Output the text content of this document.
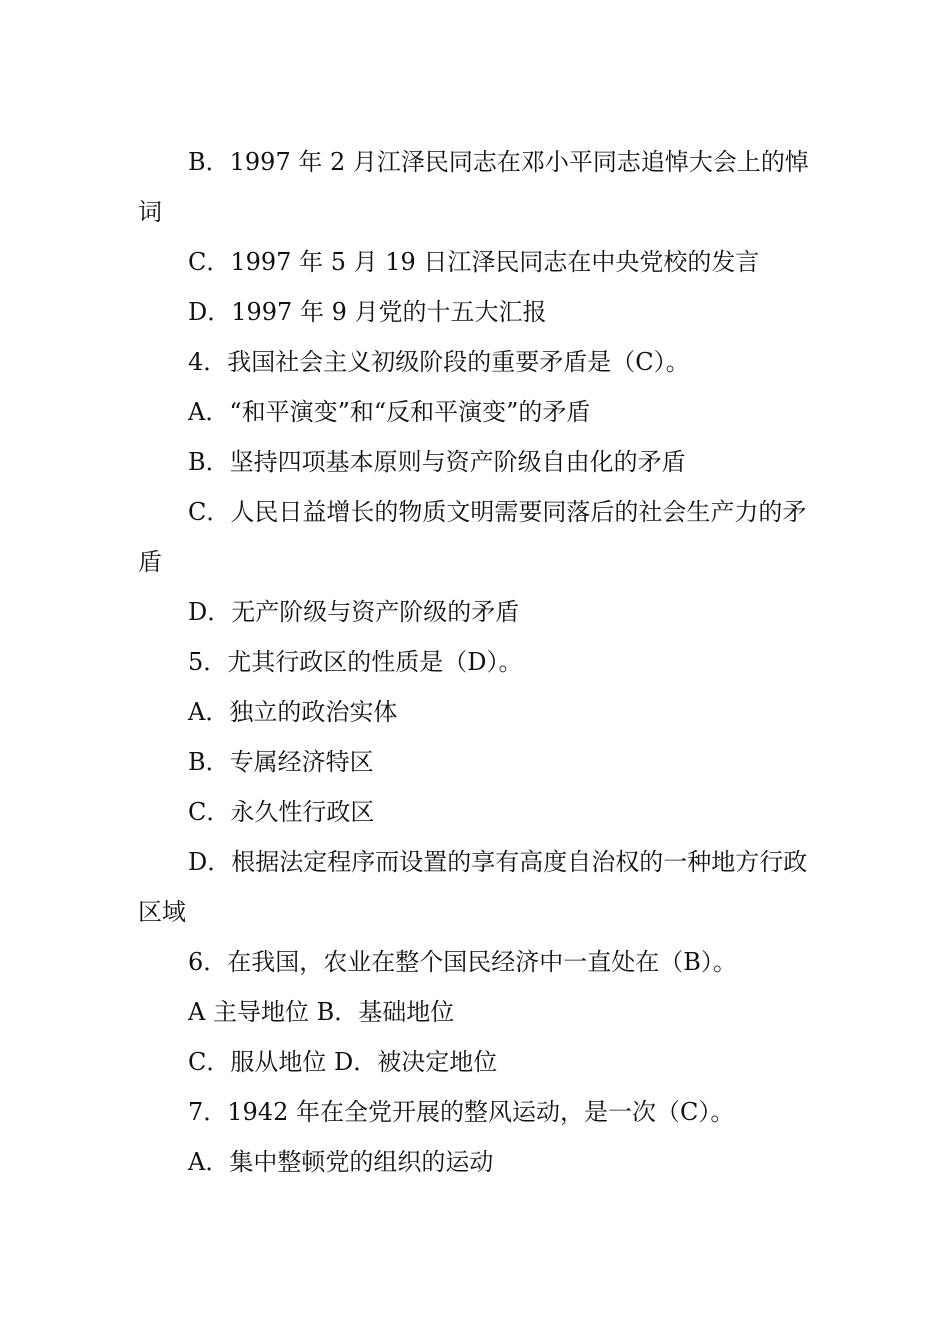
B．1997 年 2 月江泽民同志在邓小平同志追悼大会上的悼词

C．1997 年 5 月 19 日江泽民同志在中央党校的发言

D．1997 年 9 月党的十五大汇报

4．我国社会主义初级阶段的重要矛盾是（C）。

A．“和平演变”和“反和平演变”的矛盾

B．坚持四项基本原则与资产阶级自由化的矛盾

C．人民日益增长的物质文明需要同落后的社会生产力的矛盾

D．无产阶级与资产阶级的矛盾

5．尤其行政区的性质是（D）。

A．独立的政治实体

B．专属经济特区

C．永久性行政区

D．根据法定程序而设置的享有高度自治权的一种地方行政区域

6．在我国，农业在整个国民经济中一直处在（B）。

A 主导地位 B．基础地位

C．服从地位 D．被决定地位

7．1942 年在全党开展的整风运动，是一次（C）。

A．集中整顿党的组织的运动
